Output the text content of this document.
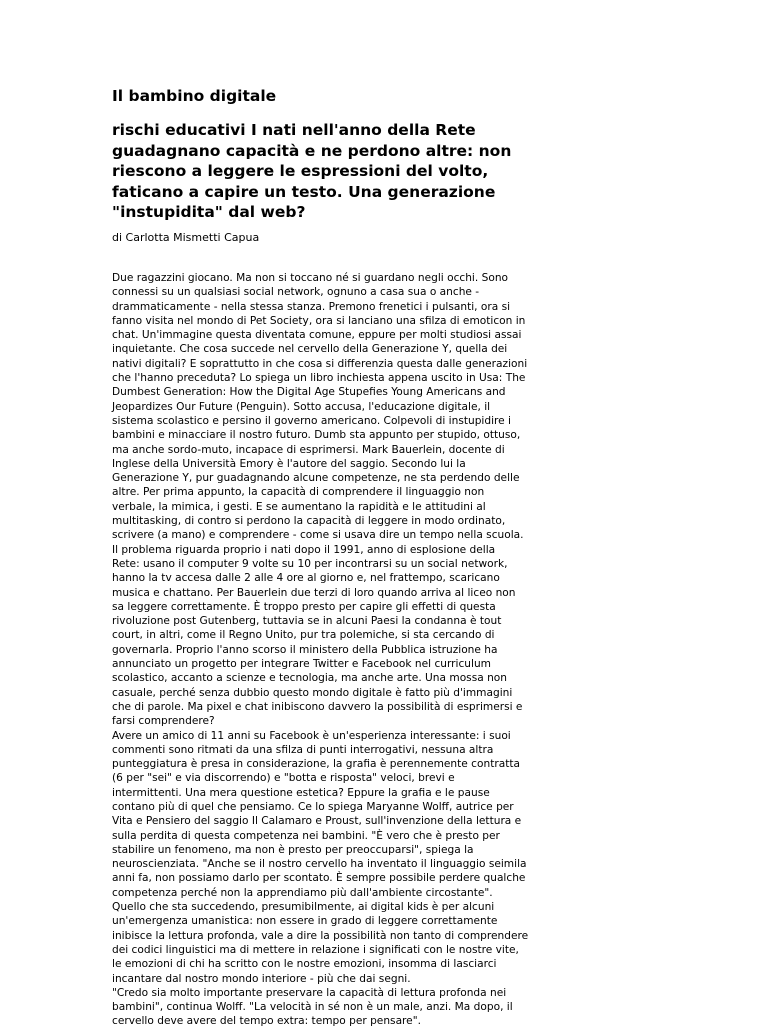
Il bambino digitale
rischi educativi I nati nell'anno della Rete guadagnano capacità e ne perdono altre: non riescono a leggere le espressioni del volto, faticano a capire un testo. Una generazione "instupidita" dal web?

di Carlotta Mismetti Capua

Due ragazzini giocano. Ma non si toccano né si guardano negli occhi. Sono
connessi su un qualsiasi social network, ognuno a casa sua o anche -
drammaticamente - nella stessa stanza. Premono frenetici i pulsanti, ora si
fanno visita nel mondo di Pet Society, ora si lanciano una sfilza di emoticon in
chat. Un'immagine questa diventata comune, eppure per molti studiosi assai
inquietante. Che cosa succede nel cervello della Generazione Y, quella dei
nativi digitali? E soprattutto in che cosa si differenzia questa dalle generazioni
che l'hanno preceduta? Lo spiega un libro inchiesta appena uscito in Usa: The
Dumbest Generation: How the Digital Age Stupefies Young Americans and
Jeopardizes Our Future (Penguin). Sotto accusa, l'educazione digitale, il
sistema scolastico e persino il governo americano. Colpevoli di instupidire i
bambini e minacciare il nostro futuro. Dumb sta appunto per stupido, ottuso,
ma anche sordo-muto, incapace di esprimersi. Mark Bauerlein, docente di
Inglese della Università Emory è l'autore del saggio. Secondo lui la
Generazione Y, pur guadagnando alcune competenze, ne sta perdendo delle
altre. Per prima appunto, la capacità di comprendere il linguaggio non
verbale, la mimica, i gesti. E se aumentano la rapidità e le attitudini al
multitasking, di contro si perdono la capacità di leggere in modo ordinato,
scrivere (a mano) e comprendere - come si usava dire un tempo nella scuola.
Il problema riguarda proprio i nati dopo il 1991, anno di esplosione della
Rete: usano il computer 9 volte su 10 per incontrarsi su un social network,
hanno la tv accesa dalle 2 alle 4 ore al giorno e, nel frattempo, scaricano
musica e chattano. Per Bauerlein due terzi di loro quando arriva al liceo non
sa leggere correttamente. È troppo presto per capire gli effetti di questa
rivoluzione post Gutenberg, tuttavia se in alcuni Paesi la condanna è tout
court, in altri, come il Regno Unito, pur tra polemiche, si sta cercando di
governarla. Proprio l'anno scorso il ministero della Pubblica istruzione ha
annunciato un progetto per integrare Twitter e Facebook nel curriculum
scolastico, accanto a scienze e tecnologia, ma anche arte. Una mossa non
casuale, perché senza dubbio questo mondo digitale è fatto più d'immagini
che di parole. Ma pixel e chat inibiscono davvero la possibilità di esprimersi e
farsi comprendere?

Avere un amico di 11 anni su Facebook è un'esperienza interessante: i suoi
commenti sono ritmati da una sfilza di punti interrogativi, nessuna altra
punteggiatura è presa in considerazione, la grafia è perennemente contratta
(6 per "sei" e via discorrendo) e "botta e risposta" veloci, brevi e
intermittenti. Una mera questione estetica? Eppure la grafia e le pause
contano più di quel che pensiamo. Ce lo spiega Maryanne Wolff, autrice per
Vita e Pensiero del saggio Il Calamaro e Proust, sull'invenzione della lettura e
sulla perdita di questa competenza nei bambini. "È vero che è presto per
stabilire un fenomeno, ma non è presto per preoccuparsi", spiega la
neuroscienziata. "Anche se il nostro cervello ha inventato il linguaggio seimila
anni fa, non possiamo darlo per scontato. È sempre possibile perdere qualche
competenza perché non la apprendiamo più dall'ambiente circostante".
Quello che sta succedendo, presumibilmente, ai digital kids è per alcuni
un'emergenza umanistica: non essere in grado di leggere correttamente
inibisce la lettura profonda, vale a dire la possibilità non tanto di comprendere
dei codici linguistici ma di mettere in relazione i significati con le nostre vite,
le emozioni di chi ha scritto con le nostre emozioni, insomma di lasciarci
incantare dal nostro mondo interiore - più che dai segni.

"Credo sia molto importante preservare la capacità di lettura profonda nei
bambini", continua Wolff. "La velocità in sé non è un male, anzi. Ma dopo, il
cervello deve avere del tempo extra: tempo per pensare".
